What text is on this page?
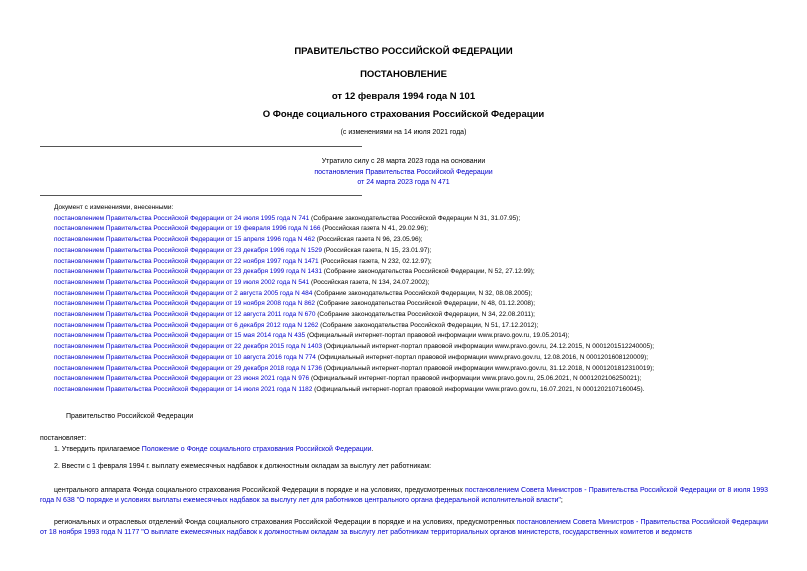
ПРАВИТЕЛЬСТВО РОССИЙСКОЙ ФЕДЕРАЦИИ
ПОСТАНОВЛЕНИЕ
от 12 февраля 1994 года N 101
О Фонде социального страхования Российской Федерации
(с изменениями на 14 июля 2021 года)
Утратило силу с 28 марта 2023 года на основании
постановления Правительства Российской Федерации
от 24 марта 2023 года N 471
Документ с изменениями, внесенными:
постановлением Правительства Российской Федерации от 24 июля 1995 года N 741 (Собрание законодательства Российской Федерации N 31, 31.07.95);
постановлением Правительства Российской Федерации от 19 февраля 1996 года N 166 (Российская газета N 41, 29.02.96);
постановлением Правительства Российской Федерации от 15 апреля 1996 года N 462 (Российская газета N 96, 23.05.96);
постановлением Правительства Российской Федерации от 23 декабря 1996 года N 1529 (Российская газета, N 15, 23.01.97);
постановлением Правительства Российской Федерации от 22 ноября 1997 года N 1471 (Российская газета, N 232, 02.12.97);
постановлением Правительства Российской Федерации от 23 декабря 1999 года N 1431 (Собрание законодательства Российской Федерации, N 52, 27.12.99);
постановлением Правительства Российской Федерации от 19 июля 2002 года N 541 (Российская газета, N 134, 24.07.2002);
постановлением Правительства Российской Федерации от 2 августа 2005 года N 484 (Собрание законодательства Российской Федерации, N 32, 08.08.2005);
постановлением Правительства Российской Федерации от 19 ноября 2008 года N 862 (Собрание законодательства Российской Федерации, N 48, 01.12.2008);
постановлением Правительства Российской Федерации от 12 августа 2011 года N 670 (Собрание законодательства Российской Федерации, N 34, 22.08.2011);
постановлением Правительства Российской Федерации от 6 декабря 2012 года N 1262 (Собрание законодательства Российской Федерации, N 51, 17.12.2012);
постановлением Правительства Российской Федерации от 15 мая 2014 года N 435 (Официальный интернет-портал правовой информации www.pravo.gov.ru, 19.05.2014);
постановлением Правительства Российской Федерации от 22 декабря 2015 года N 1403 (Официальный интернет-портал правовой информации www.pravo.gov.ru, 24.12.2015, N 0001201512240005);
постановлением Правительства Российской Федерации от 10 августа 2016 года N 774 (Официальный интернет-портал правовой информации www.pravo.gov.ru, 12.08.2016, N 0001201608120009);
постановлением Правительства Российской Федерации от 29 декабря 2018 года N 1736 (Официальный интернет-портал правовой информации www.pravo.gov.ru, 31.12.2018, N 0001201812310019);
постановлением Правительства Российской Федерации от 23 июня 2021 года N 976 (Официальный интернет-портал правовой информации www.pravo.gov.ru, 25.06.2021, N 0001202106250021);
постановлением Правительства Российской Федерации от 14 июля 2021 года N 1182 (Официальный интернет-портал правовой информации www.pravo.gov.ru, 16.07.2021, N 0001202107160045).
Правительство Российской Федерации
постановляет:
1. Утвердить прилагаемое Положение о Фонде социального страхования Российской Федерации.
2. Ввести с 1 февраля 1994 г. выплату ежемесячных надбавок к должностным окладам за выслугу лет работникам:
центрального аппарата Фонда социального страхования Российской Федерации в порядке и на условиях, предусмотренных постановлением Совета Министров - Правительства Российской Федерации от 8 июля 1993 года N 638 "О порядке и условиях выплаты ежемесячных надбавок за выслугу лет для работников центрального органа федеральной исполнительной власти";
региональных и отраслевых отделений Фонда социального страхования Российской Федерации в порядке и на условиях, предусмотренных постановлением Совета Министров - Правительства Российской Федерации от 18 ноября 1993 года N 1177 "О выплате ежемесячных надбавок к должностным окладам за выслугу лет работникам территориальных органов министерств, государственных комитетов и ведомств
